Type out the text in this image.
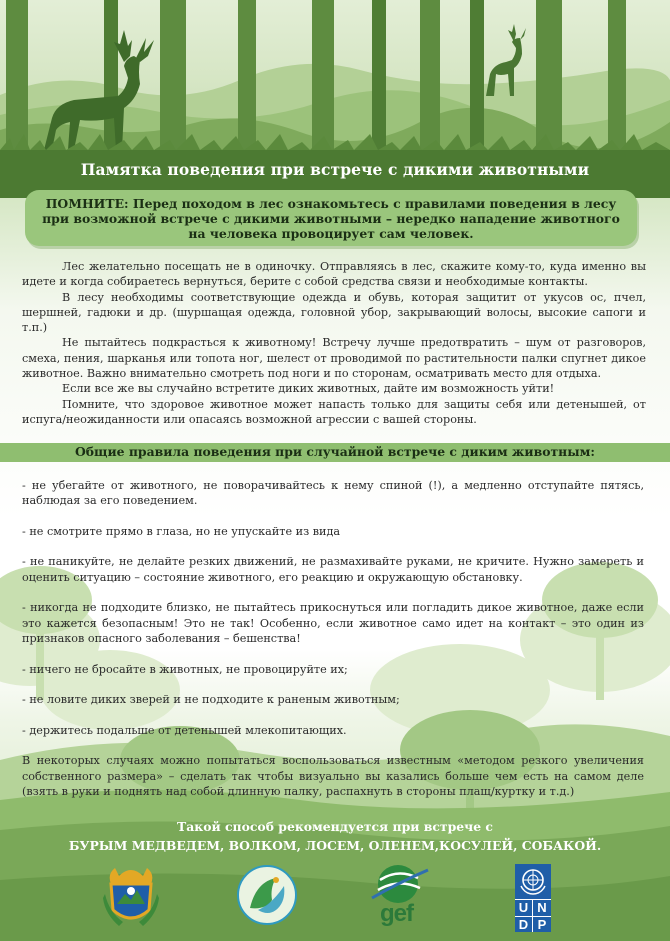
Памятка поведения при встрече с дикими животными
ПОМНИТЕ: Перед походом в лес ознакомьтесь с правилами поведения в лесу при возможной встрече с дикими животными – нередко нападение животного на человека провоцирует сам человек.

Лес желательно посещать не в одиночку. Отправляясь в лес, скажите кому-то, куда именно вы идете и когда собираетесь вернуться, берите с собой средства связи и необходимые контакты.

В лесу необходимы соответствующие одежда и обувь, которая защитит от укусов ос, пчел, шершней, гадюки и др. (шуршащая одежда, головной убор, закрывающий волосы, высокие сапоги и т.п.)

Не пытайтесь подкрасться к животному! Встречу лучше предотвратить – шум от разговоров, смеха, пения, шарканья или топота ног, шелест от проводимой по растительности палки спугнет дикое животное. Важно внимательно смотреть под ноги и по сторонам, осматривать место для отдыха.

Если все же вы случайно встретите диких животных, дайте им возможность уйти!

Помните, что здоровое животное может напасть только для защиты себя или детенышей, от испуга/неожиданности или опасаясь возможной агрессии с вашей стороны.

Общие правила поведения при случайной встрече с диким животным:

- не убегайте от животного, не поворачивайтесь к нему спиной (!), а медленно отступайте пятясь, наблюдая за его поведением.

- не смотрите прямо в глаза, но не упускайте из вида

- не паникуйте, не делайте резких движений, не размахивайте руками, не кричите. Нужно замереть и оценить ситуацию – состояние животного, его реакцию и окружающую обстановку.

- никогда не подходите близко, не пытайтесь прикоснуться или погладить дикое животное, даже если это кажется безопасным! Это не так! Особенно, если животное само идет на контакт – это один из признаков опасного заболевания – бешенства!

- ничего не бросайте в животных, не провоцируйте их;

- не ловите диких зверей и не подходите к раненым животным;

- держитесь подальше от детенышей млекопитающих.

В некоторых случаях можно попытаться воспользоваться известным «методом резкого увеличения собственного размера» – сделать так чтобы визуально вы казались больше чем есть на самом деле (взять в руки и поднять над собой длинную палку, распахнуть в стороны плащ/куртку и т.д.)

Такой способ рекомендуется при встрече с
БУРЫМ МЕДВЕДЕМ, ВОЛКОМ, ЛОСЕМ, ОЛЕНЕМ,КОСУЛЕЙ, СОБАКОЙ.
gef	U N
D P
